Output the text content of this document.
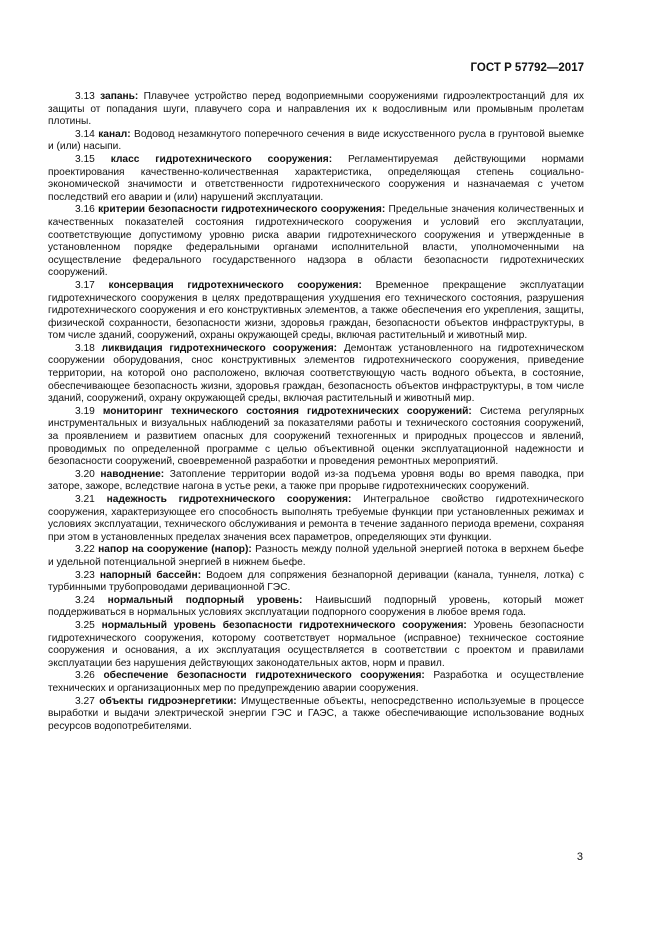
ГОСТ Р 57792—2017

3.13 запань: Плавучее устройство перед водоприемными сооружениями гидроэлектростанций для их защиты от попадания шуги, плавучего сора и направления их к водосливным или промывным пролетам плотины.

3.14 канал: Водовод незамкнутого поперечного сечения в виде искусственного русла в грунтовой выемке и (или) насыпи.

3.15 класс гидротехнического сооружения: Регламентируемая действующими нормами проектирования качественно-количественная характеристика, определяющая степень социально-экономической значимости и ответственности гидротехнического сооружения и назначаемая с учетом последствий его аварии и (или) нарушений эксплуатации.

3.16 критерии безопасности гидротехнического сооружения: Предельные значения количественных и качественных показателей состояния гидротехнического сооружения и условий его эксплуатации, соответствующие допустимому уровню риска аварии гидротехнического сооружения и утвержденные в установленном порядке федеральными органами исполнительной власти, уполномоченными на осуществление федерального государственного надзора в области безопасности гидротехнических сооружений.

3.17 консервация гидротехнического сооружения: Временное прекращение эксплуатации гидротехнического сооружения в целях предотвращения ухудшения его технического состояния, разрушения гидротехнического сооружения и его конструктивных элементов, а также обеспечения его укрепления, защиты, физической сохранности, безопасности жизни, здоровья граждан, безопасности объектов инфраструктуры, в том числе зданий, сооружений, охраны окружающей среды, включая растительный и животный мир.

3.18 ликвидация гидротехнического сооружения: Демонтаж установленного на гидротехническом сооружении оборудования, снос конструктивных элементов гидротехнического сооружения, приведение территории, на которой оно расположено, включая соответствующую часть водного объекта, в состояние, обеспечивающее безопасность жизни, здоровья граждан, безопасность объектов инфраструктуры, в том числе зданий, сооружений, охрану окружающей среды, включая растительный и животный мир.

3.19 мониторинг технического состояния гидротехнических сооружений: Система регулярных инструментальных и визуальных наблюдений за показателями работы и технического состояния сооружений, за проявлением и развитием опасных для сооружений техногенных и природных процессов и явлений, проводимых по определенной программе с целью объективной оценки эксплуатационной надежности и безопасности сооружений, своевременной разработки и проведения ремонтных мероприятий.

3.20 наводнение: Затопление территории водой из-за подъема уровня воды во время паводка, при заторе, зажоре, вследствие нагона в устье реки, а также при прорыве гидротехнических сооружений.

3.21 надежность гидротехнического сооружения: Интегральное свойство гидротехнического сооружения, характеризующее его способность выполнять требуемые функции при установленных режимах и условиях эксплуатации, технического обслуживания и ремонта в течение заданного периода времени, сохраняя при этом в установленных пределах значения всех параметров, определяющих эти функции.

3.22 напор на сооружение (напор): Разность между полной удельной энергией потока в верхнем бьефе и удельной потенциальной энергией в нижнем бьефе.

3.23 напорный бассейн: Водоем для сопряжения безнапорной деривации (канала, туннеля, лотка) с турбинными трубопроводами деривационной ГЭС.

3.24 нормальный подпорный уровень: Наивысший подпорный уровень, который может поддерживаться в нормальных условиях эксплуатации подпорного сооружения в любое время года.

3.25 нормальный уровень безопасности гидротехнического сооружения: Уровень безопасности гидротехнического сооружения, которому соответствует нормальное (исправное) техническое состояние сооружения и основания, а их эксплуатация осуществляется в соответствии с проектом и правилами эксплуатации без нарушения действующих законодательных актов, норм и правил.

3.26 обеспечение безопасности гидротехнического сооружения: Разработка и осуществление технических и организационных мер по предупреждению аварии сооружения.

3.27 объекты гидроэнергетики: Имущественные объекты, непосредственно используемые в процессе выработки и выдачи электрической энергии ГЭС и ГАЭС, а также обеспечивающие использование водных ресурсов водопотребителями.

3
